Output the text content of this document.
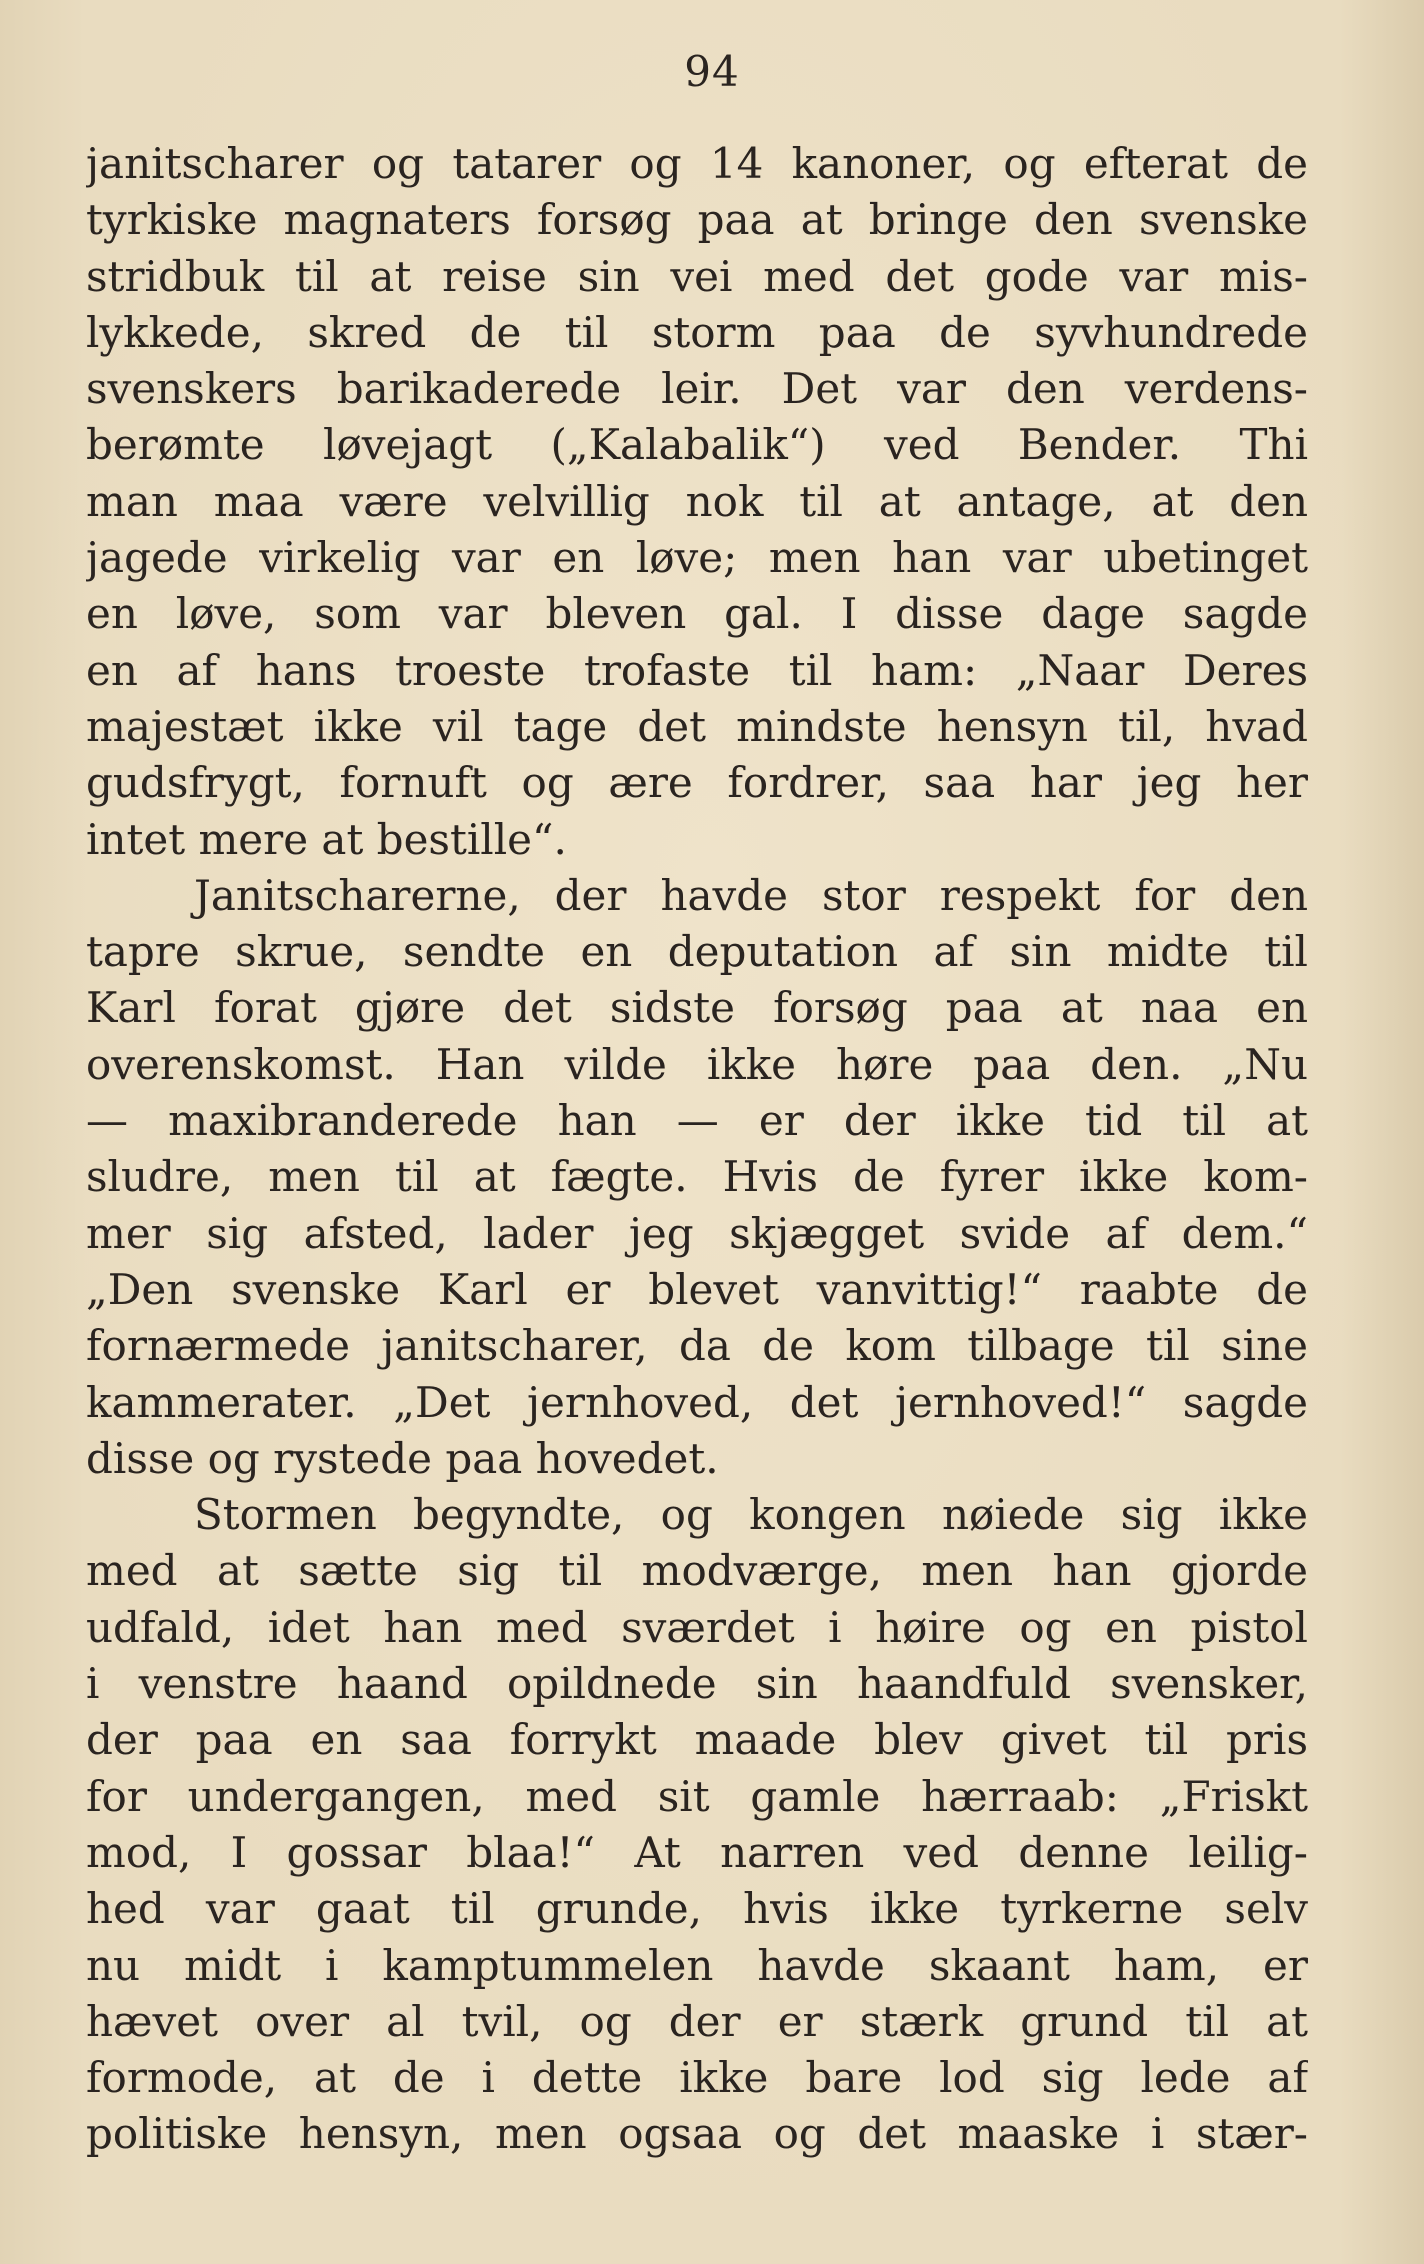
94
janitscharer og tatarer og 14 kanoner, og efterat de
tyrkiske magnaters forsøg paa at bringe den svenske
stridbuk til at reise sin vei med det gode var mis-
lykkede, skred de til storm paa de syvhundrede
svenskers barikaderede leir. Det var den verdens-
berømte løvejagt („Kalabalik“) ved Bender. Thi
man maa være velvillig nok til at antage, at den
jagede virkelig var en løve; men han var ubetinget
en løve, som var bleven gal. I disse dage sagde
en af hans troeste trofaste til ham: „Naar Deres
majestæt ikke vil tage det mindste hensyn til, hvad
gudsfrygt, fornuft og ære fordrer, saa har jeg her
intet mere at bestille“.
Janitscharerne, der havde stor respekt for den
tapre skrue, sendte en deputation af sin midte til
Karl forat gjøre det sidste forsøg paa at naa en
overenskomst. Han vilde ikke høre paa den. „Nu
— maxibranderede han — er der ikke tid til at
sludre, men til at fægte. Hvis de fyrer ikke kom-
mer sig afsted, lader jeg skjægget svide af dem.“
„Den svenske Karl er blevet vanvittig!“ raabte de
fornærmede janitscharer, da de kom tilbage til sine
kammerater. „Det jernhoved, det jernhoved!“ sagde
disse og rystede paa hovedet.
Stormen begyndte, og kongen nøiede sig ikke
med at sætte sig til modværge, men han gjorde
udfald, idet han med sværdet i høire og en pistol
i venstre haand opildnede sin haandfuld svensker,
der paa en saa forrykt maade blev givet til pris
for undergangen, med sit gamle hærraab: „Friskt
mod, I gossar blaa!“ At narren ved denne leilig-
hed var gaat til grunde, hvis ikke tyrkerne selv
nu midt i kamptummelen havde skaant ham, er
hævet over al tvil, og der er stærk grund til at
formode, at de i dette ikke bare lod sig lede af
politiske hensyn, men ogsaa og det maaske i stær-
